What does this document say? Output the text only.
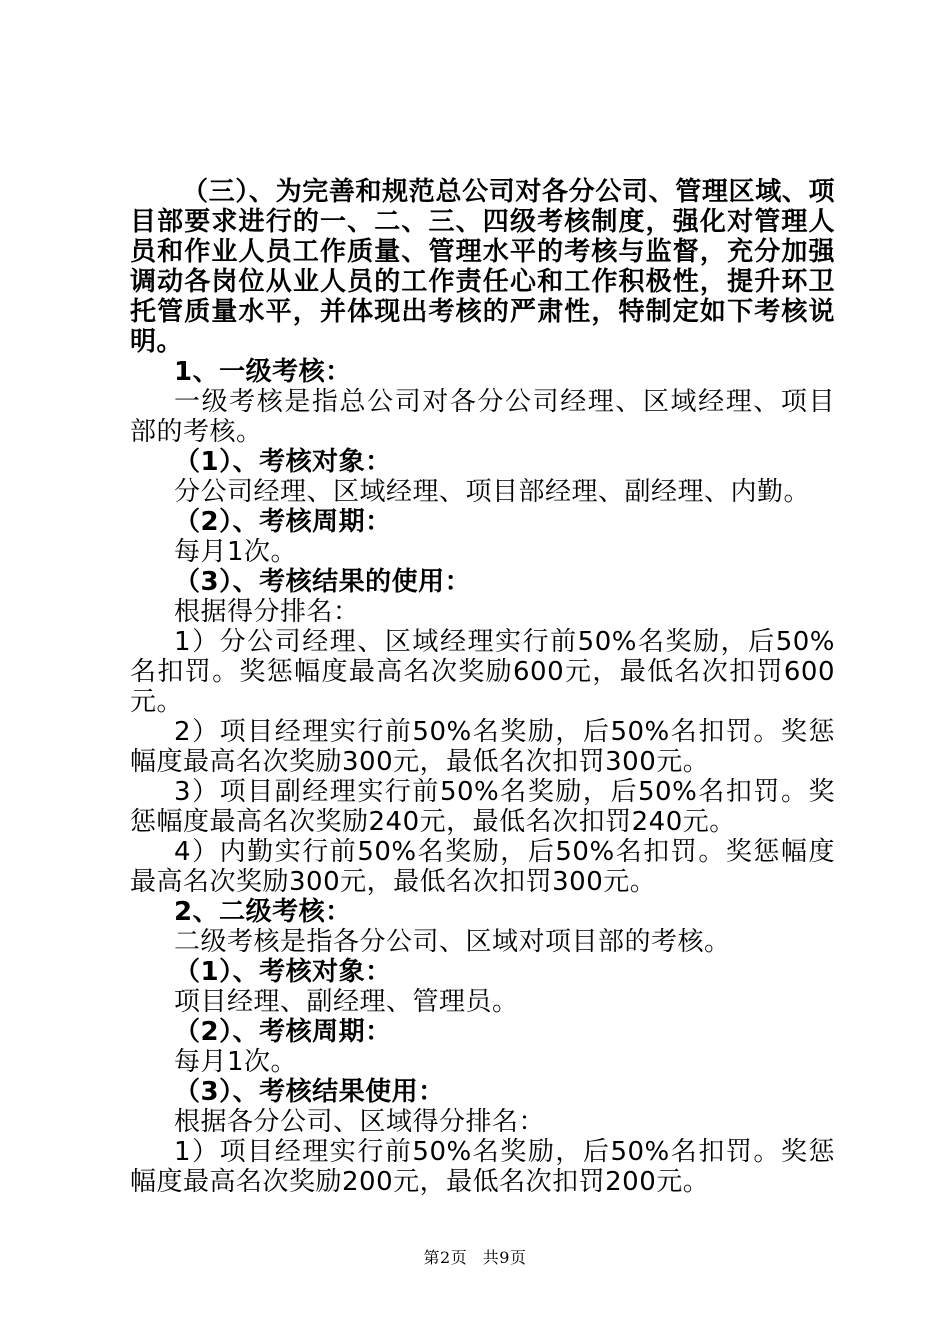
（三）、为完善和规范总公司对各分公司、管理区域、项目部要求进行的一、二、三、四级考核制度，强化对管理人员和作业人员工作质量、管理水平的考核与监督，充分加强调动各岗位从业人员的工作责任心和工作积极性，提升环卫托管质量水平，并体现出考核的严肃性，特制定如下考核说明。

1、一级考核：

一级考核是指总公司对各分公司经理、区域经理、项目部的考核。

（1）、考核对象：

分公司经理、区域经理、项目部经理、副经理、内勤。

（2）、考核周期：

每月1次。

（3）、考核结果的使用：

根据得分排名：

1）分公司经理、区域经理实行前50%名奖励，后50%名扣罚。奖惩幅度最高名次奖励600元，最低名次扣罚600元。

2）项目经理实行前50%名奖励，后50%名扣罚。奖惩幅度最高名次奖励300元，最低名次扣罚300元。

3）项目副经理实行前50%名奖励，后50%名扣罚。奖惩幅度最高名次奖励240元，最低名次扣罚240元。

4）内勤实行前50%名奖励，后50%名扣罚。奖惩幅度最高名次奖励300元，最低名次扣罚300元。

2、二级考核：

二级考核是指各分公司、区域对项目部的考核。

（1）、考核对象：

项目经理、副经理、管理员。

（2）、考核周期：

每月1次。

（3）、考核结果使用：

根据各分公司、区域得分排名：

1）项目经理实行前50%名奖励，后50%名扣罚。奖惩幅度最高名次奖励200元，最低名次扣罚200元。

第2页 共9页
